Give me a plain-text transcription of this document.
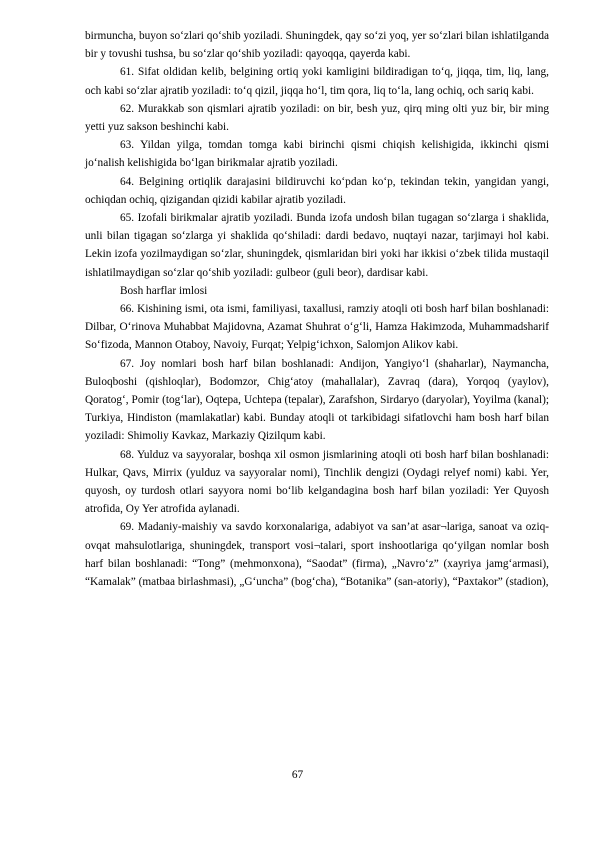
birmuncha, buyon so‘zlari qo‘shib yoziladi. Shuningdek, qay so‘zi yoq, yer so‘zlari bilan ishlatilganda bir y tovushi tushsa, bu so‘zlar qo‘shib yoziladi: qayoqqa, qayerda kabi.

61. Sifat oldidan kelib, belgining ortiq yoki kamligini bildiradigan to‘q, jiqqa, tim, liq, lang, och kabi so‘zlar ajratib yoziladi: to‘q qizil, jiqqa ho‘l, tim qora, liq to‘la, lang ochiq, och sariq kabi.

62. Murakkab son qismlari ajratib yoziladi: on bir, besh yuz, qirq ming olti yuz bir, bir ming yetti yuz sakson beshinchi kabi.

63. Yildan yilga, tomdan tomga kabi birinchi qismi chiqish kelishigida, ikkinchi qismi jo‘nalish kelishigida bo‘lgan birikmalar ajratib yoziladi.

64. Belgining ortiqlik darajasini bildiruvchi ko‘pdan ko‘p, tekindan tekin, yangidan yangi, ochiqdan ochiq, qizigandan qizidi kabilar ajratib yoziladi.

65. Izofali birikmalar ajratib yoziladi. Bunda izofa undosh bilan tugagan so‘zlarga i shaklida, unli bilan tigagan so‘zlarga yi shaklida qo‘shiladi: dardi bedavo, nuqtayi nazar, tarjimayi hol kabi. Lekin izofa yozilmaydigan so‘zlar, shuningdek, qismlaridan biri yoki har ikkisi o‘zbek tilida mustaqil ishlatilmaydigan so‘zlar qo‘shib yoziladi: gulbeor (guli beor), dardisar kabi.

Bosh harflar imlosi

66. Kishining ismi, ota ismi, familiyasi, taxallusi, ramziy atoqli oti bosh harf bilan boshlanadi: Dilbar, O‘rinova Muhabbat Majidovna, Azamat Shuhrat o‘g‘li, Hamza Hakimzoda, Muhammadsharif So‘fizoda, Mannon Otaboy, Navoiy, Furqat; Yelpig‘ichxon, Salomjon Alikov kabi.

67. Joy nomlari bosh harf bilan boshlanadi: Andijon, Yangiyo‘l (shaharlar), Naymancha, Buloqboshi (qishloqlar), Bodomzor, Chig‘atoy (mahallalar), Zavraq (dara), Yorqoq (yaylov), Qoratog‘, Pomir (tog‘lar), Oqtepa, Uchtepa (tepalar), Zarafshon, Sirdaryo (daryolar), Yoyilma (kanal); Turkiya, Hindiston (mamlakatlar) kabi. Bunday atoqli ot tarkibidagi sifatlovchi ham bosh harf bilan yoziladi: Shimoliy Kavkaz, Markaziy Qizilqum kabi.

68. Yulduz va sayyoralar, boshqa xil osmon jismlarining atoqli oti bosh harf bilan boshlanadi: Hulkar, Qavs, Mirrix (yulduz va sayyoralar nomi), Tinchlik dengizi (Oydagi relyef nomi) kabi. Yer, quyosh, oy turdosh otlari sayyora nomi bo‘lib kelgandagina bosh harf bilan yoziladi: Yer Quyosh atrofida, Oy Yer atrofida aylanadi.

69. Madaniy-maishiy va savdo korxonalariga, adabiyot va san’at asar¬lariga, sanoat va oziq-ovqat mahsulotlariga, shuningdek, transport vosi¬talari, sport inshootlariga qo‘yilgan nomlar bosh harf bilan boshlanadi: “Tong” (mehmonxona), “Saodat” (firma), „Navro‘z” (xayriya jamg‘armasi), “Kamalak” (matbaa birlashmasi), „G‘uncha” (bog‘cha), “Botanika” (san-atoriy), “Paxtakor” (stadion),

67
